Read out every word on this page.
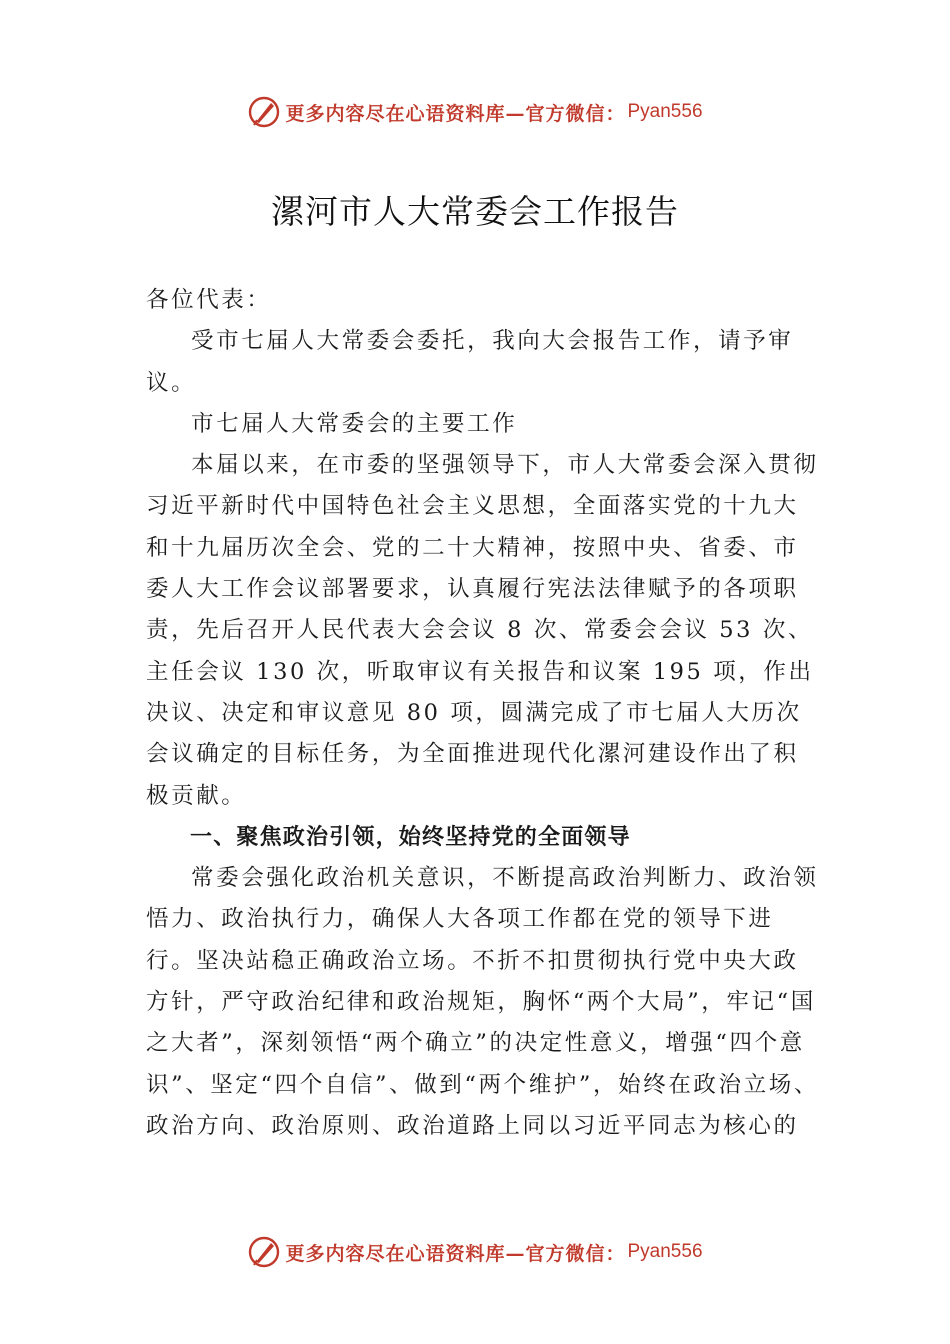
更多内容尽在心语资料库—官方微信： Pyan556
漯河市人大常委会工作报告

各位代表：

受市七届人大常委会委托，我向大会报告工作，请予审议。

市七届人大常委会的主要工作

本届以来，在市委的坚强领导下，市人大常委会深入贯彻习近平新时代中国特色社会主义思想，全面落实党的十九大和十九届历次全会、党的二十大精神，按照中央、省委、市委人大工作会议部署要求，认真履行宪法法律赋予的各项职责，先后召开人民代表大会会议 8 次、常委会会议 53 次、主任会议 130 次，听取审议有关报告和议案 195 项，作出决议、决定和审议意见 80 项，圆满完成了市七届人大历次会议确定的目标任务，为全面推进现代化漯河建设作出了积极贡献。

一、聚焦政治引领，始终坚持党的全面领导

常委会强化政治机关意识，不断提高政治判断力、政治领悟力、政治执行力，确保人大各项工作都在党的领导下进行。坚决站稳正确政治立场。不折不扣贯彻执行党中央大政方针，严守政治纪律和政治规矩，胸怀“两个大局”，牢记“国之大者”，深刻领悟“两个确立”的决定性意义，增强“四个意识”、坚定“四个自信”、做到“两个维护”，始终在政治立场、政治方向、政治原则、政治道路上同以习近平同志为核心的

更多内容尽在心语资料库—官方微信： Pyan556
